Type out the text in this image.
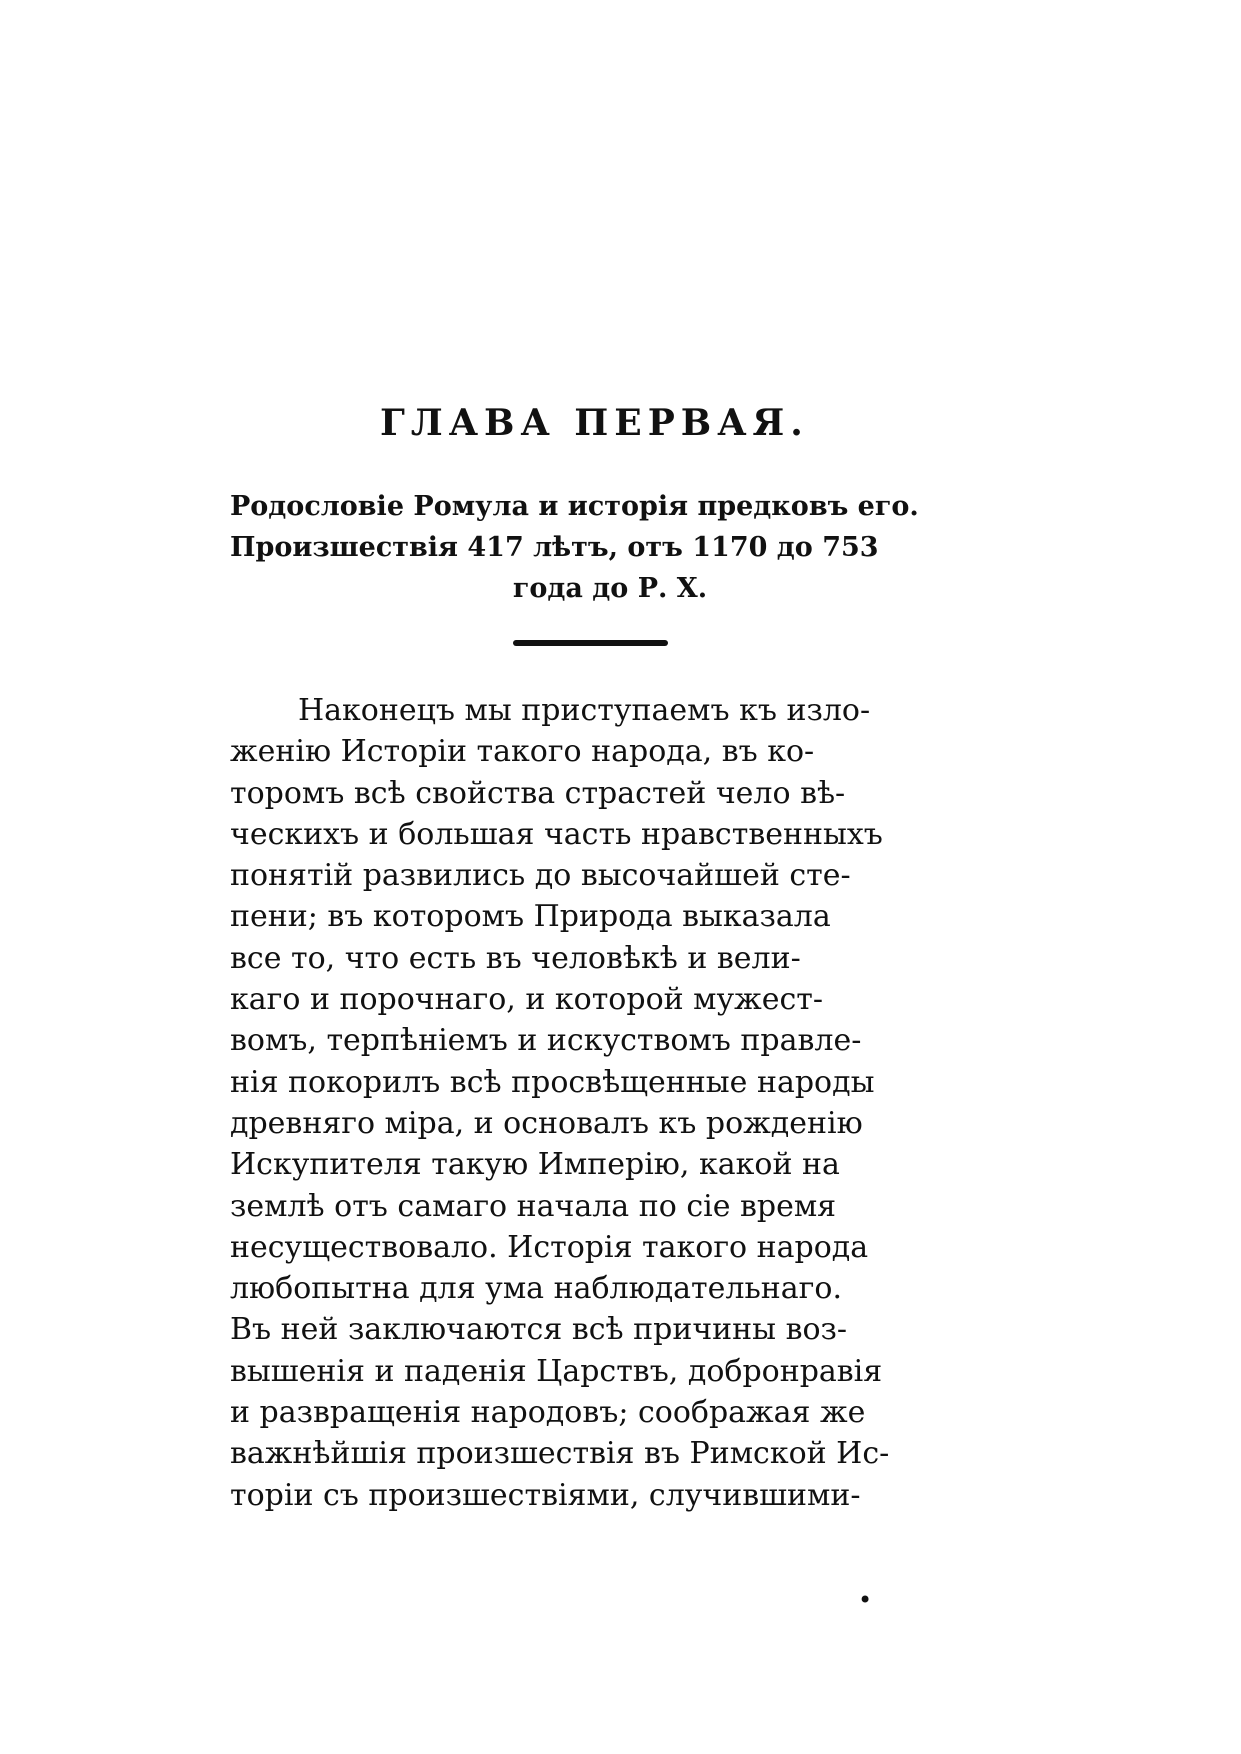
ГЛАВА ПЕРВАЯ.
Родословіе Ромула и исторія предковъ его.
Произшествія 417 лѣтъ, отъ 1170 до 753
года до Р. Х.
Наконецъ мы приступаемъ къ изло-
женію Исторіи такого народа, въ ко-
торомъ всѣ свойства страстей чело вѣ-
ческихъ и большая часть нравственныхъ
понятій развились до высочайшей сте-
пени; въ которомъ Природа выказала
все то, что есть въ человѣкѣ и вели-
каго и порочнаго, и которой мужест-
вомъ, терпѣніемъ и искуствомъ правле-
нія покорилъ всѣ просвѣщенные народы
древняго міра, и основалъ къ рожденію
Искупителя такую Имперію, какой на
землѣ отъ самаго начала по сіе время
несуществовало. Исторія такого народа
любопытна для ума наблюдательнаго.
Въ ней заключаются всѣ причины воз-
вышенія и паденія Царствъ, добронравія
и развращенія народовъ; соображая же
важнѣйшія произшествія въ Римской Ис-
торіи съ произшествіями, случившими-
•
